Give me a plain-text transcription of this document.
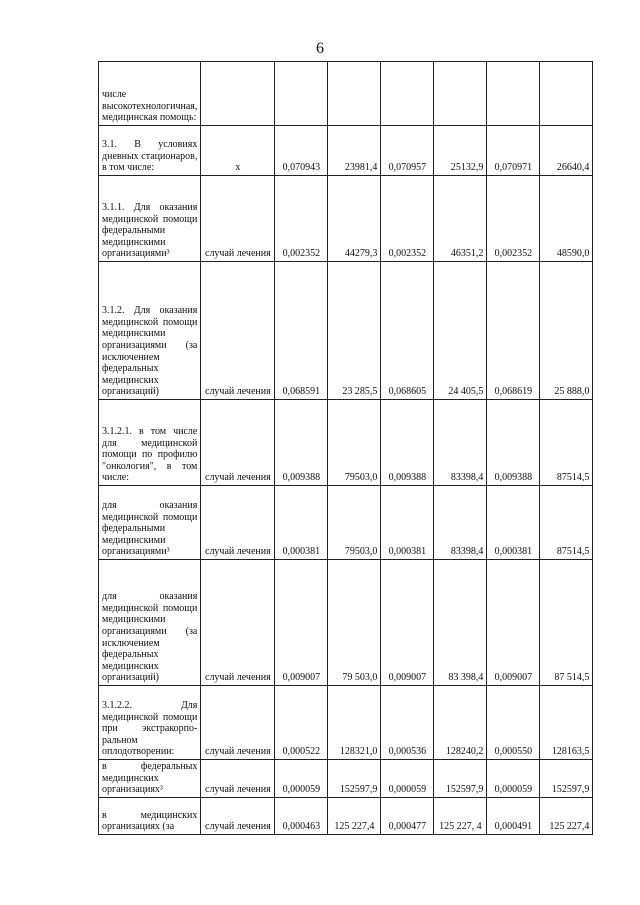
6
числе высокотехнологичная, медицинская помощь:							
3.1. В условиях дневных стационаров, в том числе:	х	0,070943	23981,4	0,070957	25132,9	0,070971	26640,4
3.1.1. Для оказания медицинской помощи федеральными медицинскими организациями³	случай лечения	0,002352	44279,3	0,002352	46351,2	0,002352	48590,0
3.1.2. Для оказания медицинской помощи медицинскими организациями (за исключением федеральных медицинских организаций)	случай лечения	0,068591	23 285,5	0,068605	24 405,5	0,068619	25 888,0
3.1.2.1. в том числе для медицинской помощи по профилю "онкология", в том числе:	случай лечения	0,009388	79503,0	0,009388	83398,4	0,009388	87514,5
для оказания медицинской помощи федеральными медицинскими организациями³	случай лечения	0,000381	79503,0	0,000381	83398,4	0,000381	87514,5
для оказания медицинской помощи медицинскими организациями (за исключением федеральных медицинских организаций)	случай лечения	0,009007	79 503,0	0,009007	83 398,4	0,009007	87 514,5
3.1.2.2. Для медицинской помощи при экстракорпо-ральном оплодотворении:	случай лечения	0,000522	128321,0	0,000536	128240,2	0,000550	128163,5
в федеральных медицинских организациях³	случай лечения	0,000059	152597,9	0,000059	152597,9	0,000059	152597,9
в медицинских организациях (за	случай лечения	0,000463	125 227,4	0,000477	125 227, 4	0,000491	125 227,4
